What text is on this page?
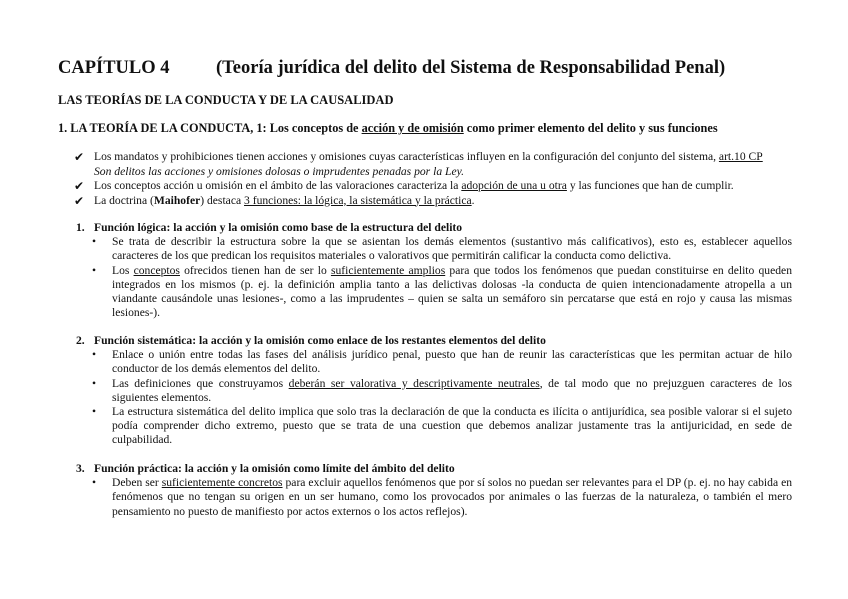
CAPÍTULO 4	(Teoría jurídica del delito del Sistema de Responsabilidad Penal)
LAS TEORÍAS DE LA CONDUCTA Y DE LA CAUSALIDAD
1. LA TEORÍA DE LA CONDUCTA, 1: Los conceptos de acción y de omisión como primer elemento del delito y sus funciones
✔ Los mandatos y prohibiciones tienen acciones y omisiones cuyas características influyen en la configuración del conjunto del sistema, art.10 CP
Son delitos las acciones y omisiones dolosas o imprudentes penadas por la Ley.
✔ Los conceptos acción u omisión en el ámbito de las valoraciones caracteriza la adopción de una u otra y las funciones que han de cumplir.
✔ La doctrina (Maihofer) destaca 3 funciones: la lógica, la sistemática y la práctica.
1. Función lógica: la acción y la omisión como base de la estructura del delito
• Se trata de describir la estructura sobre la que se asientan los demás elementos (sustantivo más calificativos), esto es, establecer aquellos caracteres de los que predican los requisitos materiales o valorativos que permitirán calificar la conducta como delictiva.
• Los conceptos ofrecidos tienen han de ser lo suficientemente amplios para que todos los fenómenos que puedan constituirse en delito queden integrados en los mismos (p. ej. la definición amplia tanto a las delictivas dolosas -la conducta de quien intencionadamente atropella a un viandante causándole unas lesiones-, como a las imprudentes – quien se salta un semáforo sin percatarse que está en rojo y causa las mismas lesiones-).
2. Función sistemática: la acción y la omisión como enlace de los restantes elementos del delito
• Enlace o unión entre todas las fases del análisis jurídico penal, puesto que han de reunir las características que les permitan actuar de hilo conductor de los demás elementos del delito.
• Las definiciones que construyamos deberán ser valorativa y descriptivamente neutrales, de tal modo que no prejuzguen caracteres de los siguientes elementos.
• La estructura sistemática del delito implica que solo tras la declaración de que la conducta es ilícita o antijurídica, sea posible valorar si el sujeto podía comprender dicho extremo, puesto que se trata de una cuestion que debemos analizar justamente tras la antijuricidad, en sede de culpabilidad.
3. Función práctica: la acción y la omisión como límite del ámbito del delito
• Deben ser suficientemente concretos para excluir aquellos fenómenos que por sí solos no puedan ser relevantes para el DP (p. ej. no hay cabida en fenómenos que no tengan su origen en un ser humano, como los provocados por animales o las fuerzas de la naturaleza, o también el mero pensamiento no puesto de manifiesto por actos externos o los actos reflejos).
